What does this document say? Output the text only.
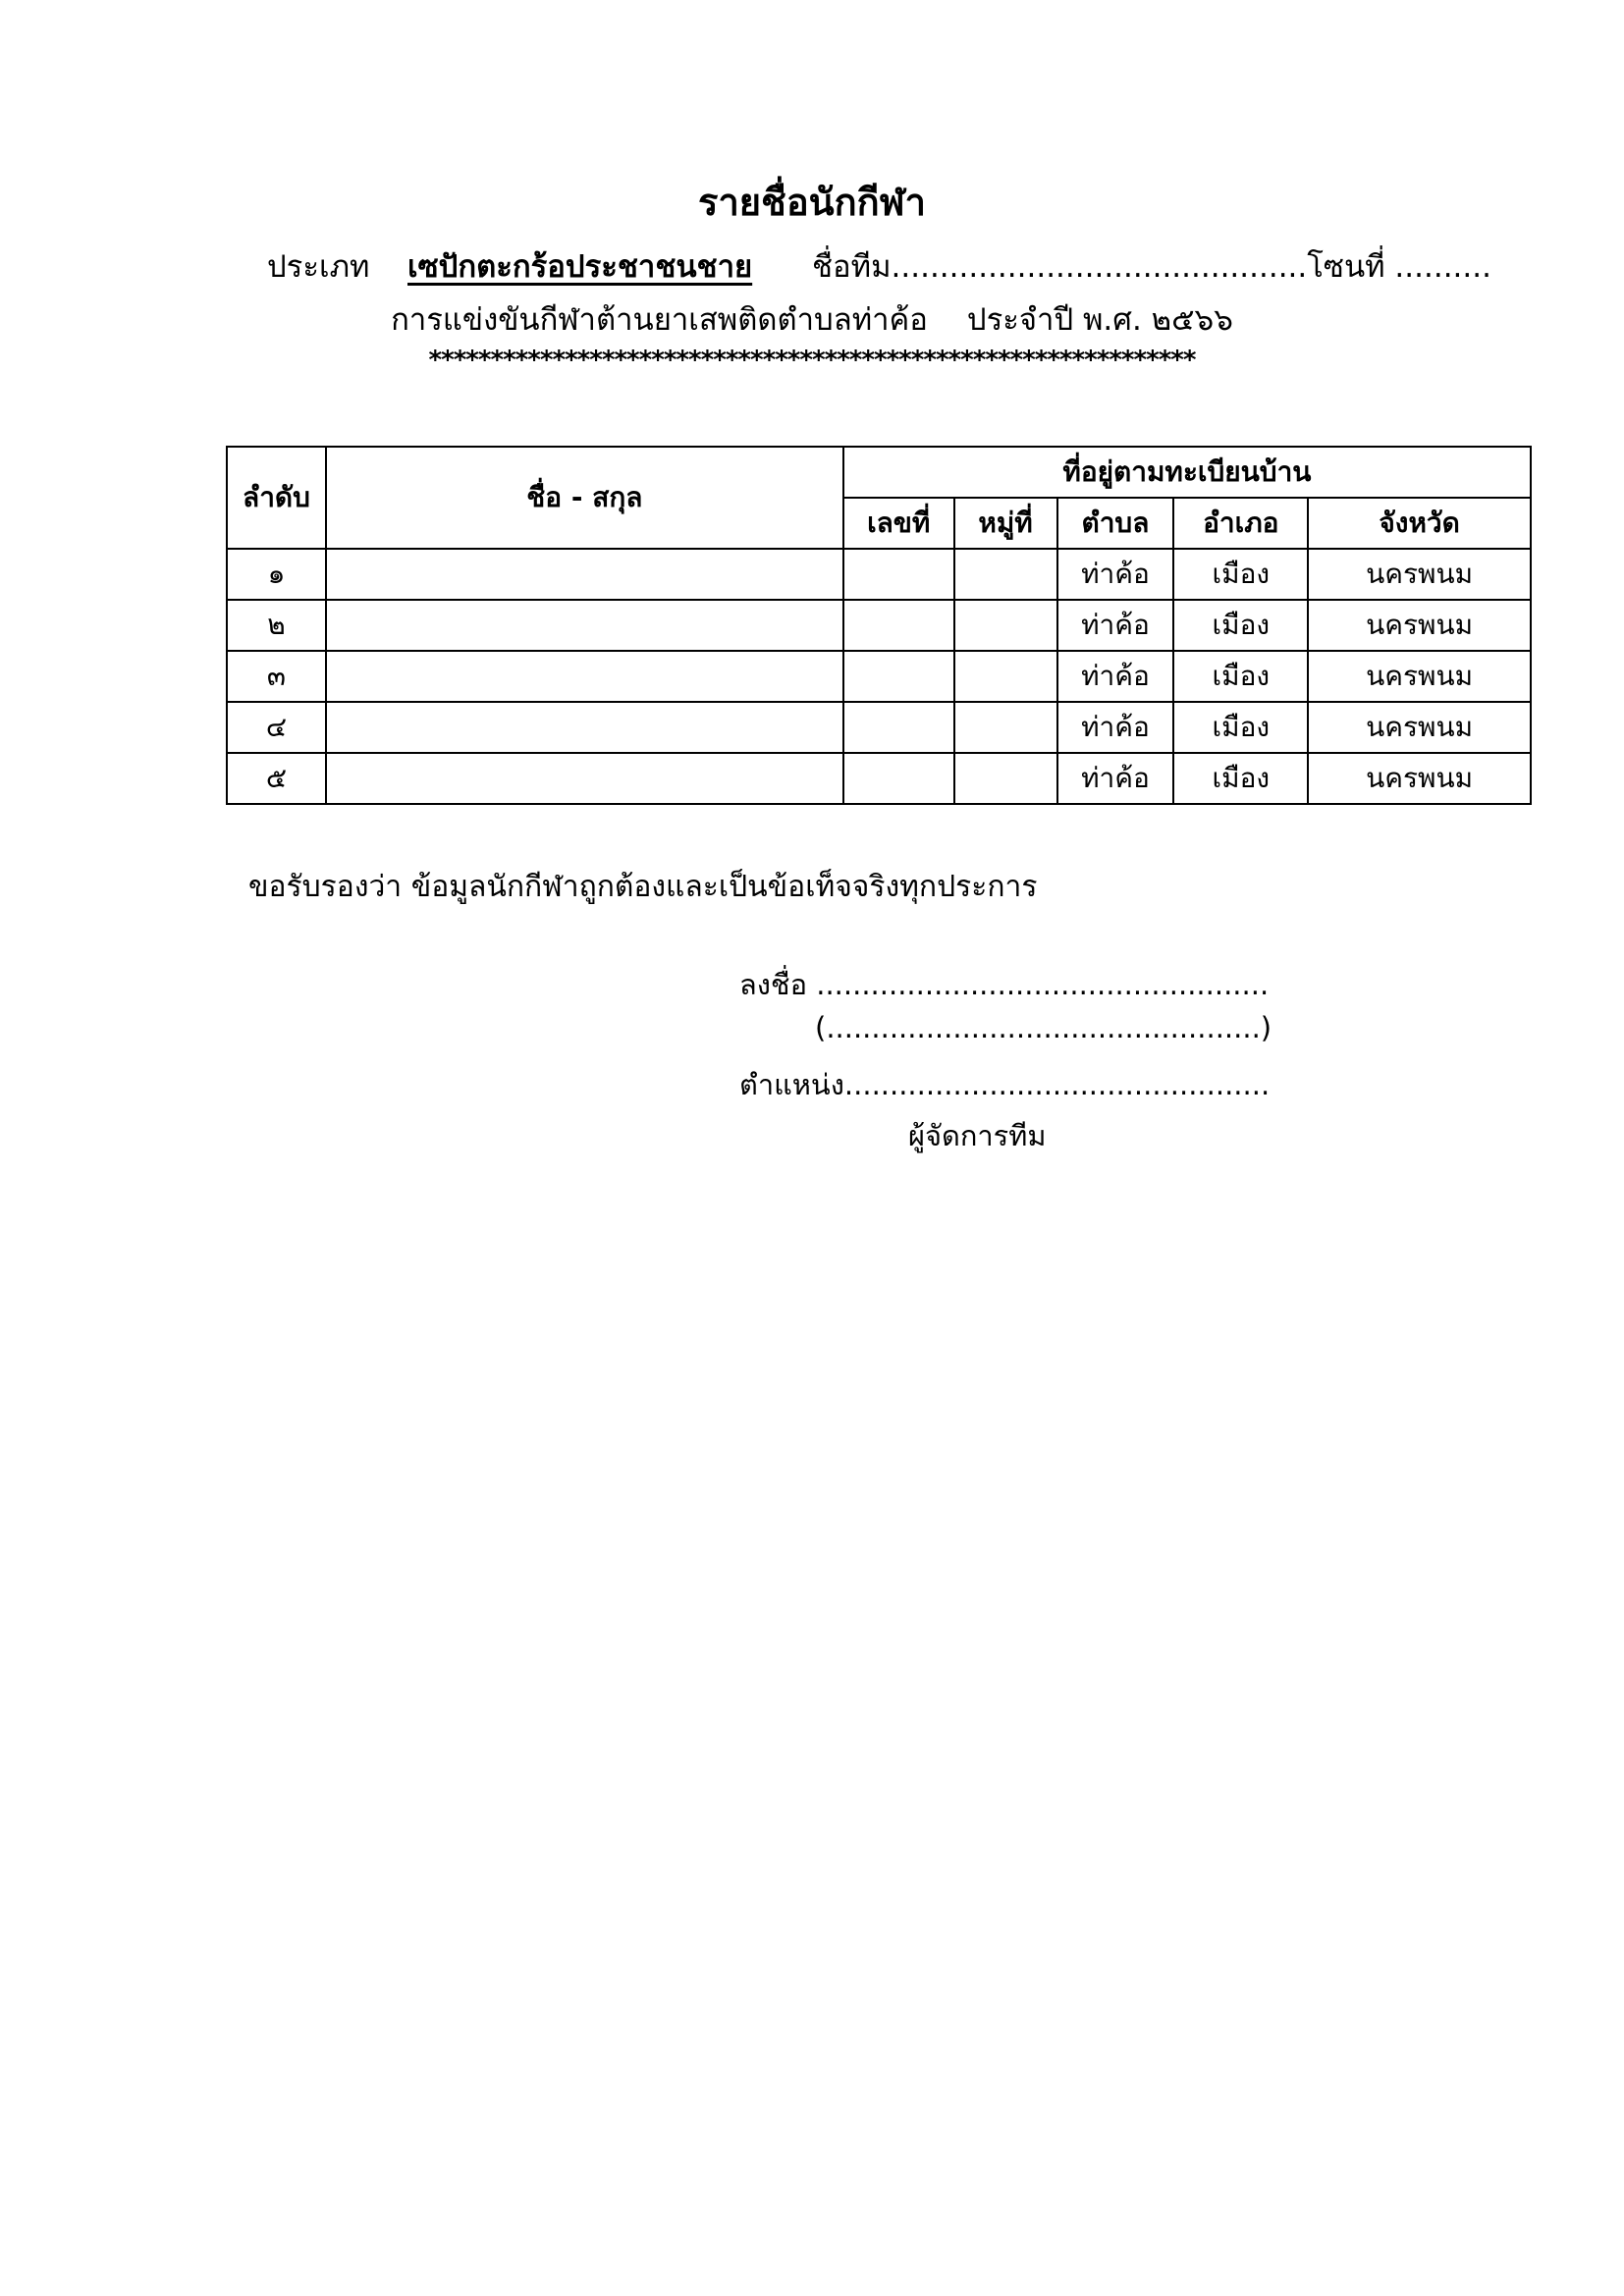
รายชื่อนักกีฬา
ประเภท เซปักตะกร้อประชาชนชาย ชื่อทีม...........................................โซนที่ ..........
การแข่งขันกีฬาต้านยาเสพติดตำบลท่าค้อ ประจำปี พ.ศ. ๒๕๖๖
**************************************************************
ลำดับ	ชื่อ - สกุล	ที่อยู่ตามทะเบียนบ้าน				
		เลขที่	หมู่ที่	ตำบล	อำเภอ	จังหวัด
๑				ท่าค้อ	เมือง	นครพนม
๒				ท่าค้อ	เมือง	นครพนม
๓				ท่าค้อ	เมือง	นครพนม
๔				ท่าค้อ	เมือง	นครพนม
๕				ท่าค้อ	เมือง	นครพนม
ขอรับรองว่า ข้อมูลนักกีฬาถูกต้องและเป็นข้อเท็จจริงทุกประการ
ลงชื่อ ..................................................
(................................................)
ตำแหน่ง...............................................
ผู้จัดการทีม
